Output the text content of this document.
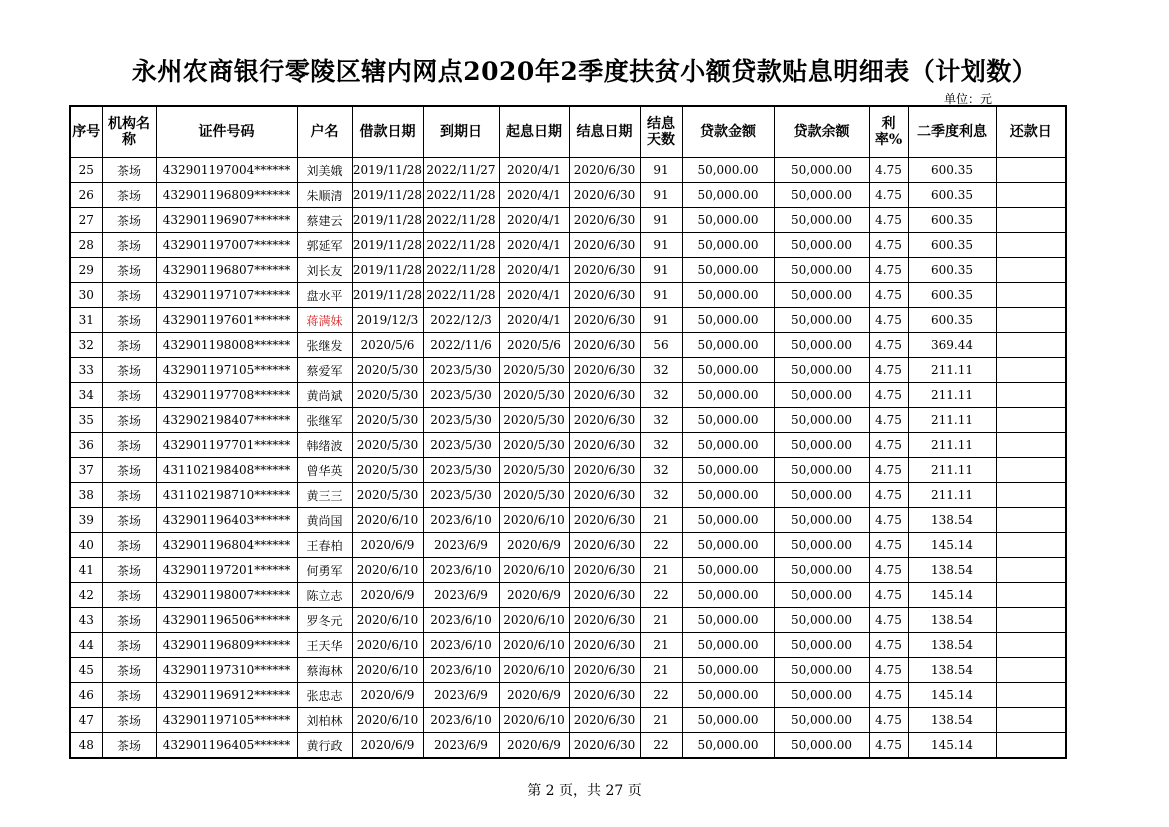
永州农商银行零陵区辖内网点2020年2季度扶贫小额贷款贴息明细表（计划数）
单位：元
序号	机构名称	证件号码	户名	借款日期	到期日	起息日期	结息日期	结息天数	贷款金额	贷款余额	利率%	二季度利息	还款日
25	茶场	432901197004******	刘美娥	2019/11/28	2022/11/27	2020/4/1	2020/6/30	91	50,000.00	50,000.00	4.75	600.35	
26	茶场	432901196809******	朱顺清	2019/11/28	2022/11/28	2020/4/1	2020/6/30	91	50,000.00	50,000.00	4.75	600.35	
27	茶场	432901196907******	蔡建云	2019/11/28	2022/11/28	2020/4/1	2020/6/30	91	50,000.00	50,000.00	4.75	600.35	
28	茶场	432901197007******	郭延军	2019/11/28	2022/11/28	2020/4/1	2020/6/30	91	50,000.00	50,000.00	4.75	600.35	
29	茶场	432901196807******	刘长友	2019/11/28	2022/11/28	2020/4/1	2020/6/30	91	50,000.00	50,000.00	4.75	600.35	
30	茶场	432901197107******	盘水平	2019/11/28	2022/11/28	2020/4/1	2020/6/30	91	50,000.00	50,000.00	4.75	600.35	
31	茶场	432901197601******	蒋满妹	2019/12/3	2022/12/3	2020/4/1	2020/6/30	91	50,000.00	50,000.00	4.75	600.35	
32	茶场	432901198008******	张继发	2020/5/6	2022/11/6	2020/5/6	2020/6/30	56	50,000.00	50,000.00	4.75	369.44	
33	茶场	432901197105******	蔡爱军	2020/5/30	2023/5/30	2020/5/30	2020/6/30	32	50,000.00	50,000.00	4.75	211.11	
34	茶场	432901197708******	黄尚斌	2020/5/30	2023/5/30	2020/5/30	2020/6/30	32	50,000.00	50,000.00	4.75	211.11	
35	茶场	432902198407******	张继军	2020/5/30	2023/5/30	2020/5/30	2020/6/30	32	50,000.00	50,000.00	4.75	211.11	
36	茶场	432901197701******	韩绪波	2020/5/30	2023/5/30	2020/5/30	2020/6/30	32	50,000.00	50,000.00	4.75	211.11	
37	茶场	431102198408******	曾华英	2020/5/30	2023/5/30	2020/5/30	2020/6/30	32	50,000.00	50,000.00	4.75	211.11	
38	茶场	431102198710******	黄三三	2020/5/30	2023/5/30	2020/5/30	2020/6/30	32	50,000.00	50,000.00	4.75	211.11	
39	茶场	432901196403******	黄尚国	2020/6/10	2023/6/10	2020/6/10	2020/6/30	21	50,000.00	50,000.00	4.75	138.54	
40	茶场	432901196804******	王春柏	2020/6/9	2023/6/9	2020/6/9	2020/6/30	22	50,000.00	50,000.00	4.75	145.14	
41	茶场	432901197201******	何勇军	2020/6/10	2023/6/10	2020/6/10	2020/6/30	21	50,000.00	50,000.00	4.75	138.54	
42	茶场	432901198007******	陈立志	2020/6/9	2023/6/9	2020/6/9	2020/6/30	22	50,000.00	50,000.00	4.75	145.14	
43	茶场	432901196506******	罗冬元	2020/6/10	2023/6/10	2020/6/10	2020/6/30	21	50,000.00	50,000.00	4.75	138.54	
44	茶场	432901196809******	王天华	2020/6/10	2023/6/10	2020/6/10	2020/6/30	21	50,000.00	50,000.00	4.75	138.54	
45	茶场	432901197310******	蔡海林	2020/6/10	2023/6/10	2020/6/10	2020/6/30	21	50,000.00	50,000.00	4.75	138.54	
46	茶场	432901196912******	张忠志	2020/6/9	2023/6/9	2020/6/9	2020/6/30	22	50,000.00	50,000.00	4.75	145.14	
47	茶场	432901197105******	刘柏林	2020/6/10	2023/6/10	2020/6/10	2020/6/30	21	50,000.00	50,000.00	4.75	138.54	
48	茶场	432901196405******	黄行政	2020/6/9	2023/6/9	2020/6/9	2020/6/30	22	50,000.00	50,000.00	4.75	145.14	
第 2 页，共 27 页
